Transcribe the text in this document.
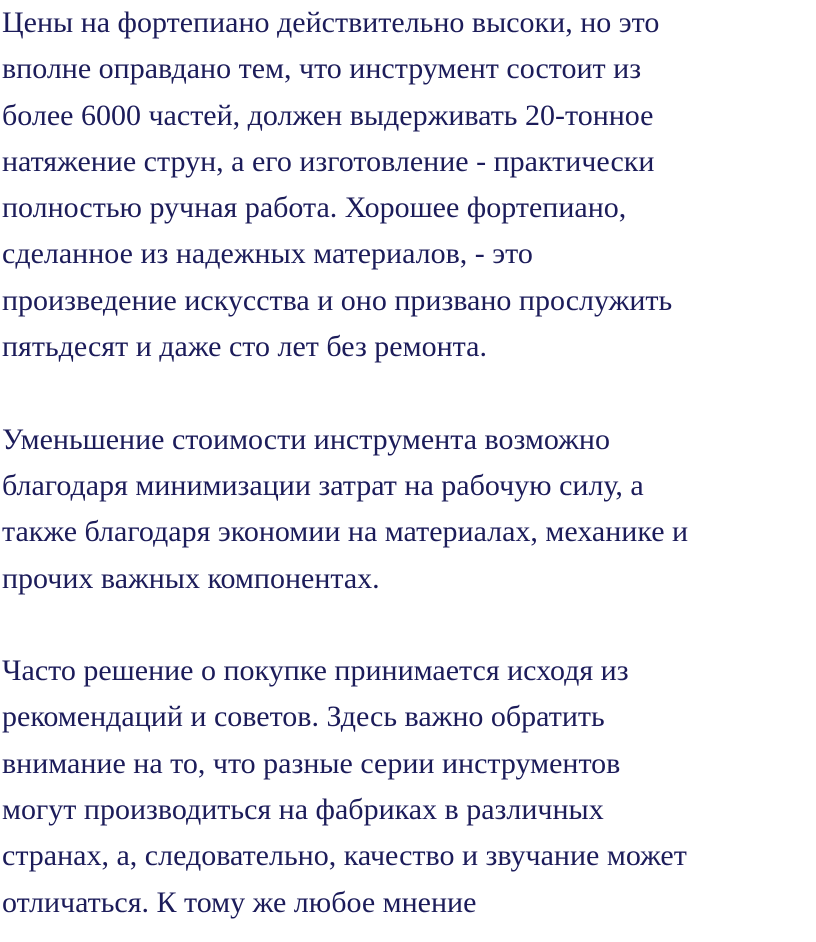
Цены на фортепиано действительно высоки, но это
вполне оправдано тем, что инструмент состоит из
более 6000 частей, должен выдерживать 20-тонное
натяжение струн, а его изготовление - практически
полностью ручная работа. Хорошее фортепиано,
сделанное из надежных материалов, - это
произведение искусства и оно призвано прослужить
пятьдесят и даже сто лет без ремонта.
Уменьшение стоимости инструмента возможно
благодаря минимизации затрат на рабочую силу, а
также благодаря экономии на материалах, механике и
прочих важных компонентах.
Часто решение о покупке принимается исходя из
рекомендаций и советов. Здесь важно обратить
внимание на то, что разные серии инструментов
могут производиться на фабриках в различных
странах, а, следовательно, качество и звучание может
отличаться. К тому же любое мнение
